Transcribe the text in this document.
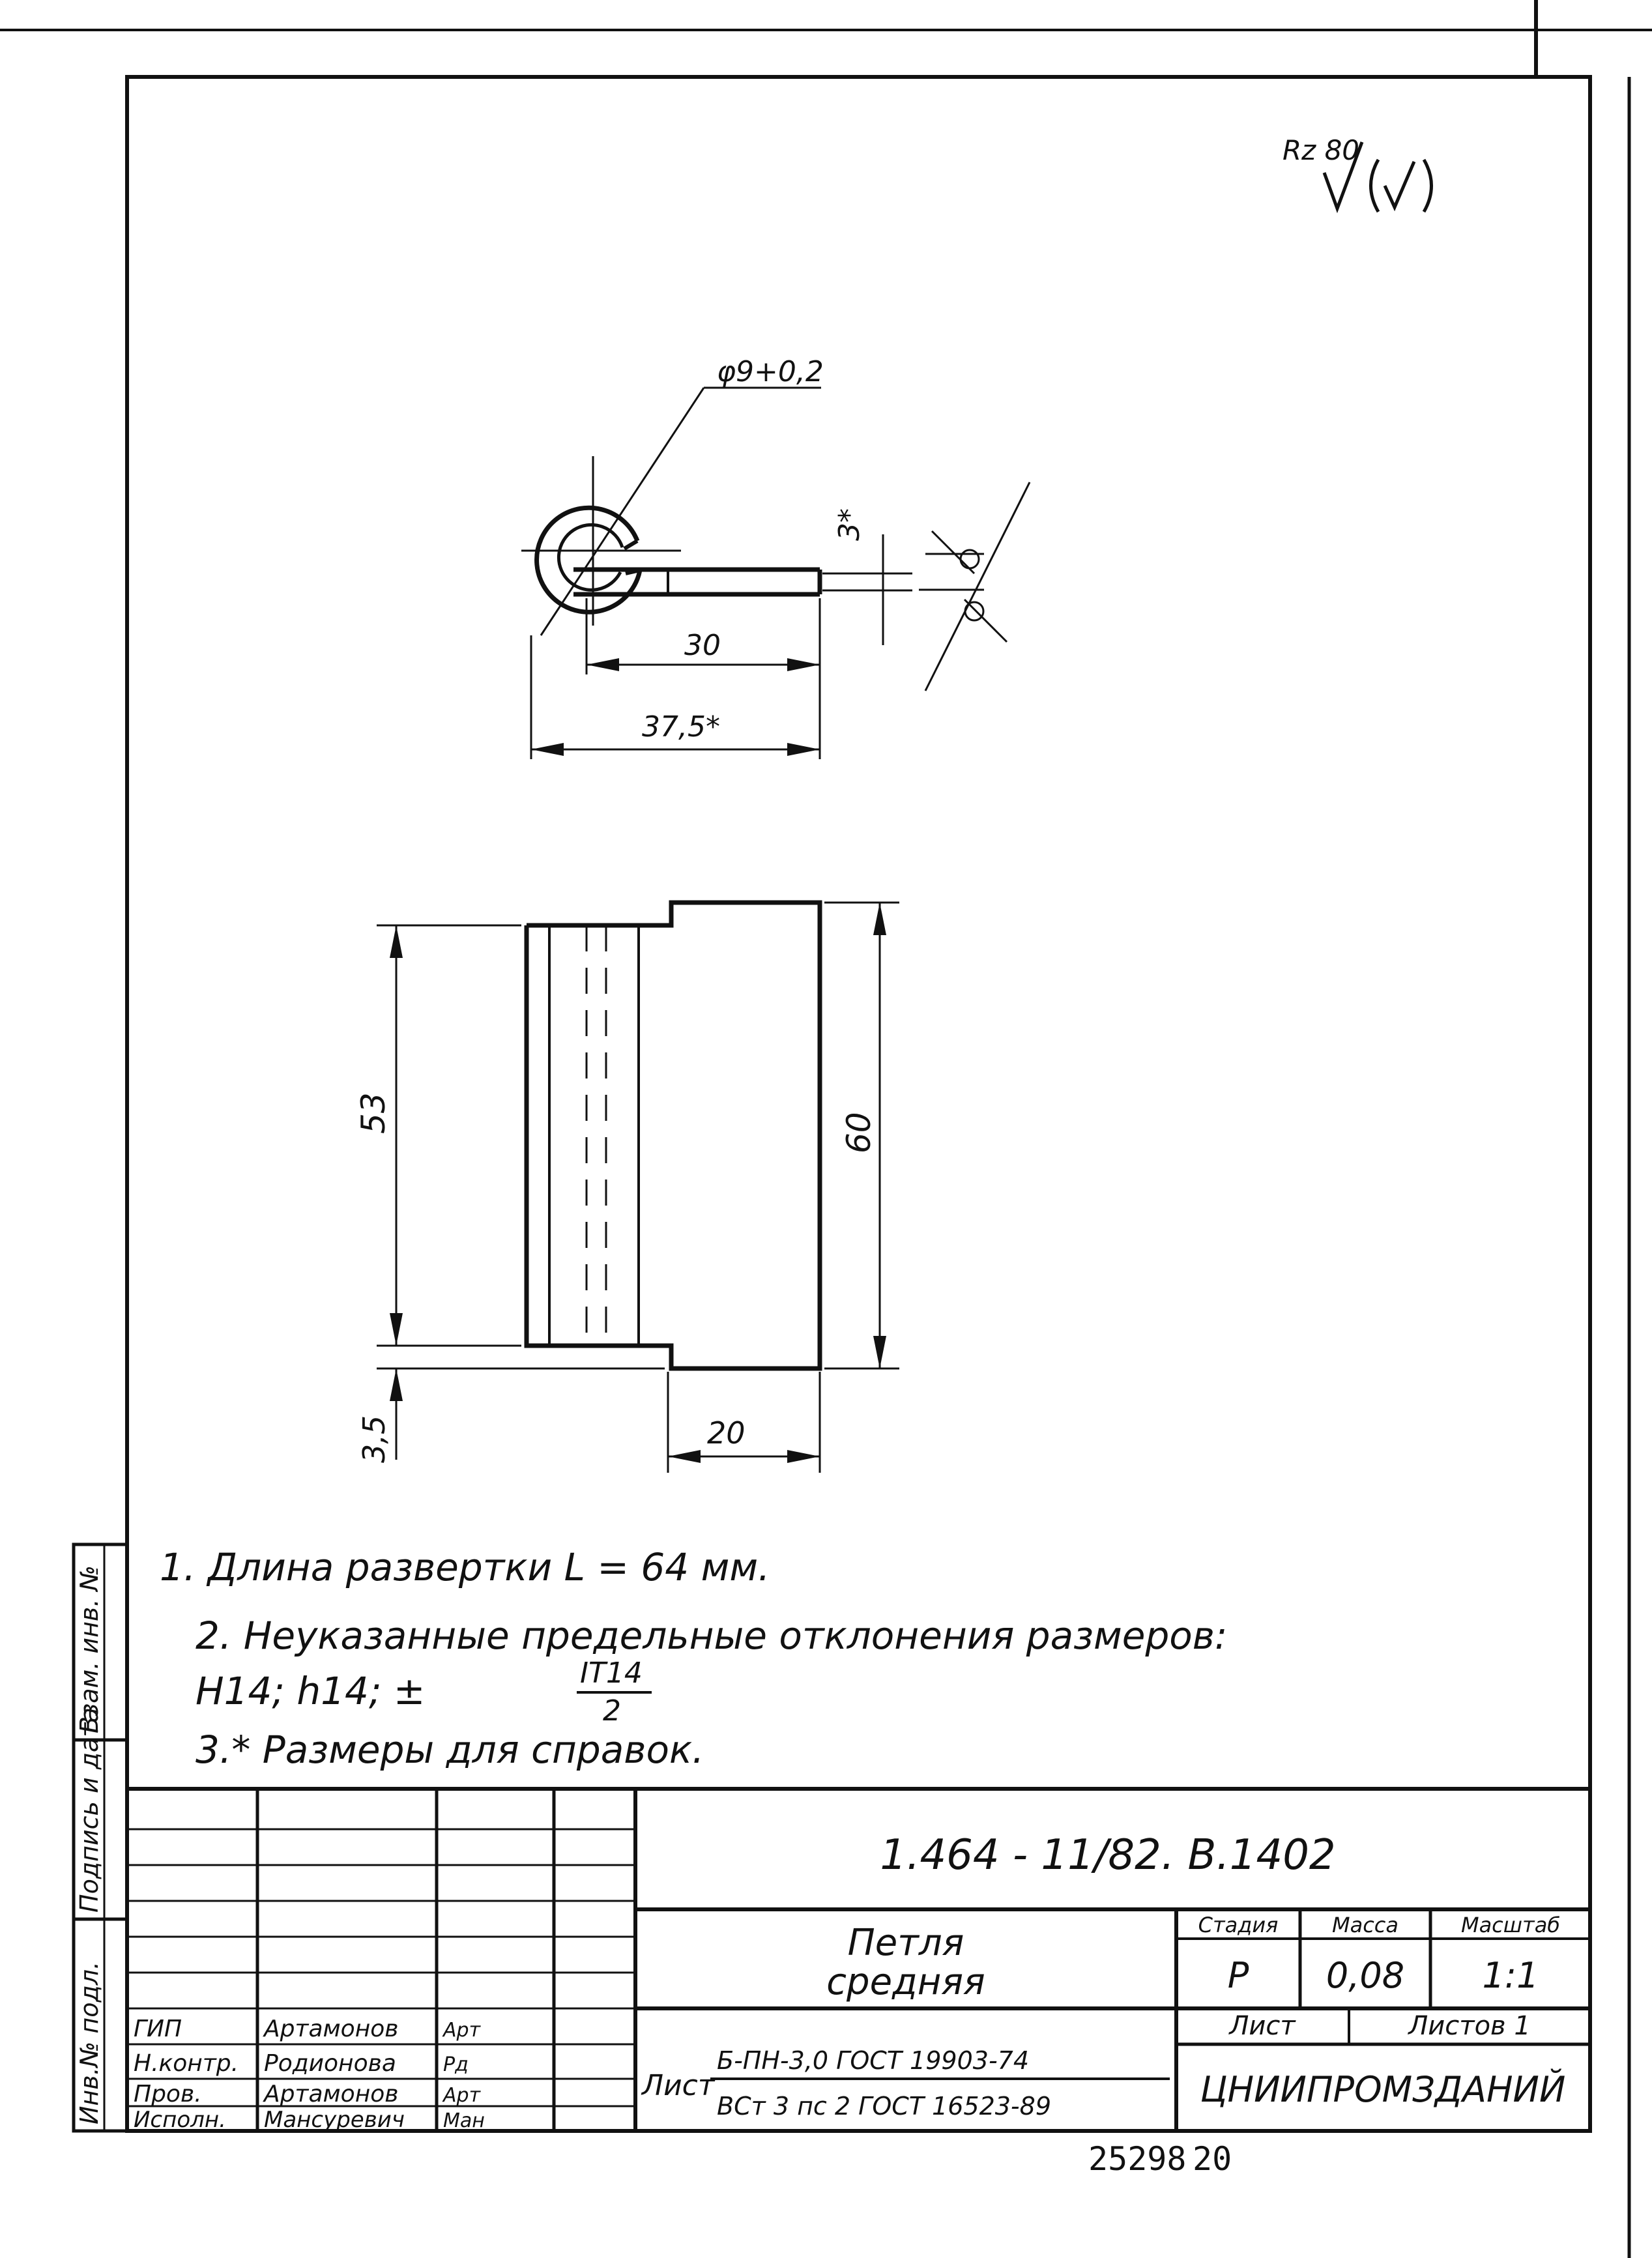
Rz 80
φ9+0,2
3*
30
37,5*
53	60
3,5	20
1. Длина развертки L = 64 мм.
2. Неуказанные предельные отклонения размеров:
H14; h14; ±	IT14
2
3.* Размеры для справок.
Инв.№ подл.
Подпись и дата
Взам. инв. №
1.464 - 11/82. В.1402
Петля
средняя
Стадия	Масса	Масштаб
Р 0,08 1:1
Лист	Листов 1
Лист
Б-ПН-3,0 ГОСТ 19903-74
ВСт 3 пс 2 ГОСТ 16523-89	ЦНИИПРОМЗДАНИЙ
ГИП	Артамонов Арт
Н.контр. Родионова Рд
Пров.	Артамонов Арт
Исполн. Мансуревич Ман
25298 20
